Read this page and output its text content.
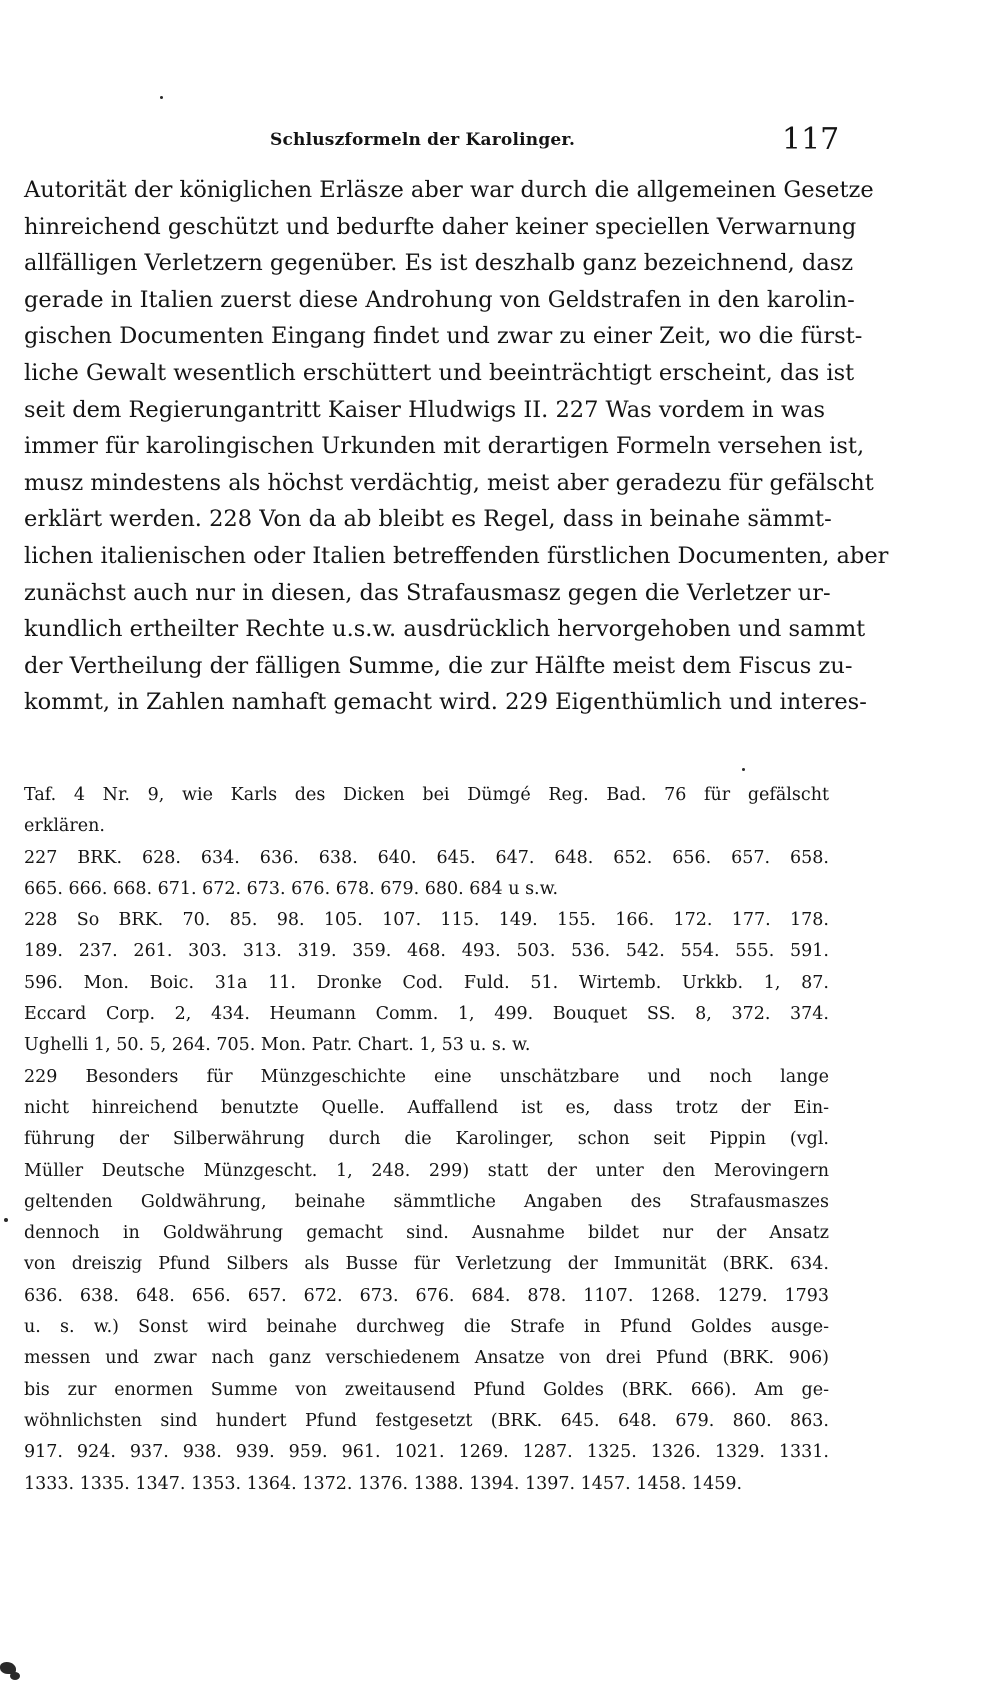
Schluszformeln der Karolinger.	117
Autorität der königlichen Erläsze aber war durch die allgemeinen Gesetze
hinreichend geschützt und bedurfte daher keiner speciellen Verwarnung
allfälligen Verletzern gegenüber. Es ist deszhalb ganz bezeichnend, dasz
gerade in Italien zuerst diese Androhung von Geldstrafen in den karolin-
gischen Documenten Eingang findet und zwar zu einer Zeit, wo die fürst-
liche Gewalt wesentlich erschüttert und beeinträchtigt erscheint, das ist
seit dem Regierungantritt Kaiser Hludwigs II. 227 Was vordem in was
immer für karolingischen Urkunden mit derartigen Formeln versehen ist,
musz mindestens als höchst verdächtig, meist aber geradezu für gefälscht
erklärt werden. 228 Von da ab bleibt es Regel, dass in beinahe sämmt-
lichen italienischen oder Italien betreffenden fürstlichen Documenten, aber
zunächst auch nur in diesen, das Strafausmasz gegen die Verletzer ur-
kundlich ertheilter Rechte u.s.w. ausdrücklich hervorgehoben und sammt
der Vertheilung der fälligen Summe, die zur Hälfte meist dem Fiscus zu-
kommt, in Zahlen namhaft gemacht wird. 229 Eigenthümlich und interes-
Taf. 4 Nr. 9, wie Karls des Dicken bei Dümgé Reg. Bad. 76 für gefälscht
erklären.
227 BRK. 628. 634. 636. 638. 640. 645. 647. 648. 652. 656. 657. 658.
665. 666. 668. 671. 672. 673. 676. 678. 679. 680. 684 u s.w.
228 So BRK. 70. 85. 98. 105. 107. 115. 149. 155. 166. 172. 177. 178.
189. 237. 261. 303. 313. 319. 359. 468. 493. 503. 536. 542. 554. 555. 591.
596. Mon. Boic. 31a 11. Dronke Cod. Fuld. 51. Wirtemb. Urkkb. 1, 87.
Eccard Corp. 2, 434. Heumann Comm. 1, 499. Bouquet SS. 8, 372. 374.
Ughelli 1, 50. 5, 264. 705. Mon. Patr. Chart. 1, 53 u. s. w.
229 Besonders für Münzgeschichte eine unschätzbare und noch lange
nicht hinreichend benutzte Quelle. Auffallend ist es, dass trotz der Ein-
führung der Silberwährung durch die Karolinger, schon seit Pippin (vgl.
Müller Deutsche Münzgescht. 1, 248. 299) statt der unter den Merovingern
geltenden Goldwährung, beinahe sämmtliche Angaben des Strafausmaszes
dennoch in Goldwährung gemacht sind. Ausnahme bildet nur der Ansatz
von dreiszig Pfund Silbers als Busse für Verletzung der Immunität (BRK. 634.
636. 638. 648. 656. 657. 672. 673. 676. 684. 878. 1107. 1268. 1279. 1793
u. s. w.) Sonst wird beinahe durchweg die Strafe in Pfund Goldes ausge-
messen und zwar nach ganz verschiedenem Ansatze von drei Pfund (BRK. 906)
bis zur enormen Summe von zweitausend Pfund Goldes (BRK. 666). Am ge-
wöhnlichsten sind hundert Pfund festgesetzt (BRK. 645. 648. 679. 860. 863.
917. 924. 937. 938. 939. 959. 961. 1021. 1269. 1287. 1325. 1326. 1329. 1331.
1333. 1335. 1347. 1353. 1364. 1372. 1376. 1388. 1394. 1397. 1457. 1458. 1459.
